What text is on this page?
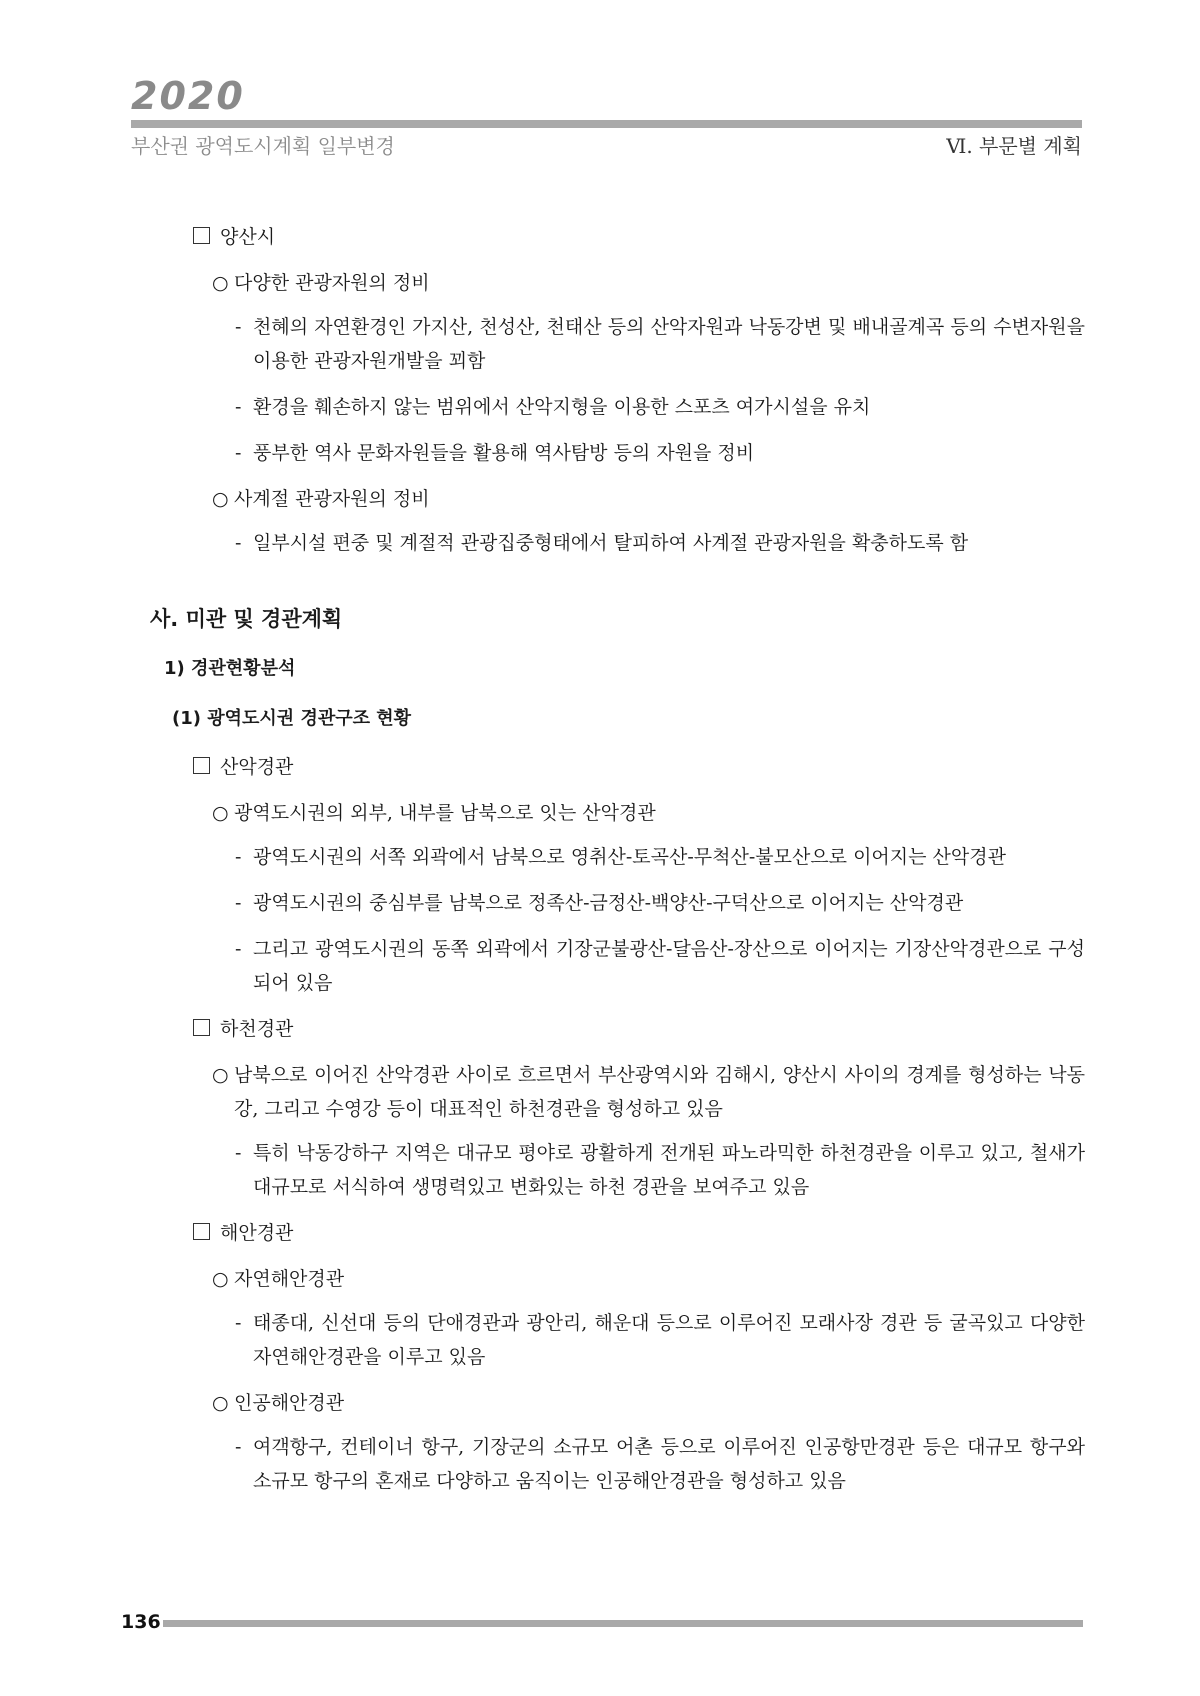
2020
부산권 광역도시계획 일부변경	Ⅵ. 부문별 계획
양산시
○ 다양한 관광자원의 정비
- 천혜의 자연환경인 가지산, 천성산, 천태산 등의 산악자원과 낙동강변 및 배내골계곡 등의 수변자원을 이용한 관광자원개발을 꾀함
- 환경을 훼손하지 않는 범위에서 산악지형을 이용한 스포츠 여가시설을 유치
- 풍부한 역사 문화자원들을 활용해 역사탐방 등의 자원을 정비
○ 사계절 관광자원의 정비
- 일부시설 편중 및 계절적 관광집중형태에서 탈피하여 사계절 관광자원을 확충하도록 함
사. 미관 및 경관계획
1) 경관현황분석
(1) 광역도시권 경관구조 현황
산악경관
○ 광역도시권의 외부, 내부를 남북으로 잇는 산악경관
- 광역도시권의 서쪽 외곽에서 남북으로 영취산-토곡산-무척산-불모산으로 이어지는 산악경관
- 광역도시권의 중심부를 남북으로 정족산-금정산-백양산-구덕산으로 이어지는 산악경관
- 그리고 광역도시권의 동쪽 외곽에서 기장군불광산-달음산-장산으로 이어지는 기장산악경관으로 구성되어 있음
하천경관
○ 남북으로 이어진 산악경관 사이로 흐르면서 부산광역시와 김해시, 양산시 사이의 경계를 형성하는 낙동강, 그리고 수영강 등이 대표적인 하천경관을 형성하고 있음
- 특히 낙동강하구 지역은 대규모 평야로 광활하게 전개된 파노라믹한 하천경관을 이루고 있고, 철새가 대규모로 서식하여 생명력있고 변화있는 하천 경관을 보여주고 있음
해안경관
○ 자연해안경관
- 태종대, 신선대 등의 단애경관과 광안리, 해운대 등으로 이루어진 모래사장 경관 등 굴곡있고 다양한 자연해안경관을 이루고 있음
○ 인공해안경관
- 여객항구, 컨테이너 항구, 기장군의 소규모 어촌 등으로 이루어진 인공항만경관 등은 대규모 항구와 소규모 항구의 혼재로 다양하고 움직이는 인공해안경관을 형성하고 있음
136
